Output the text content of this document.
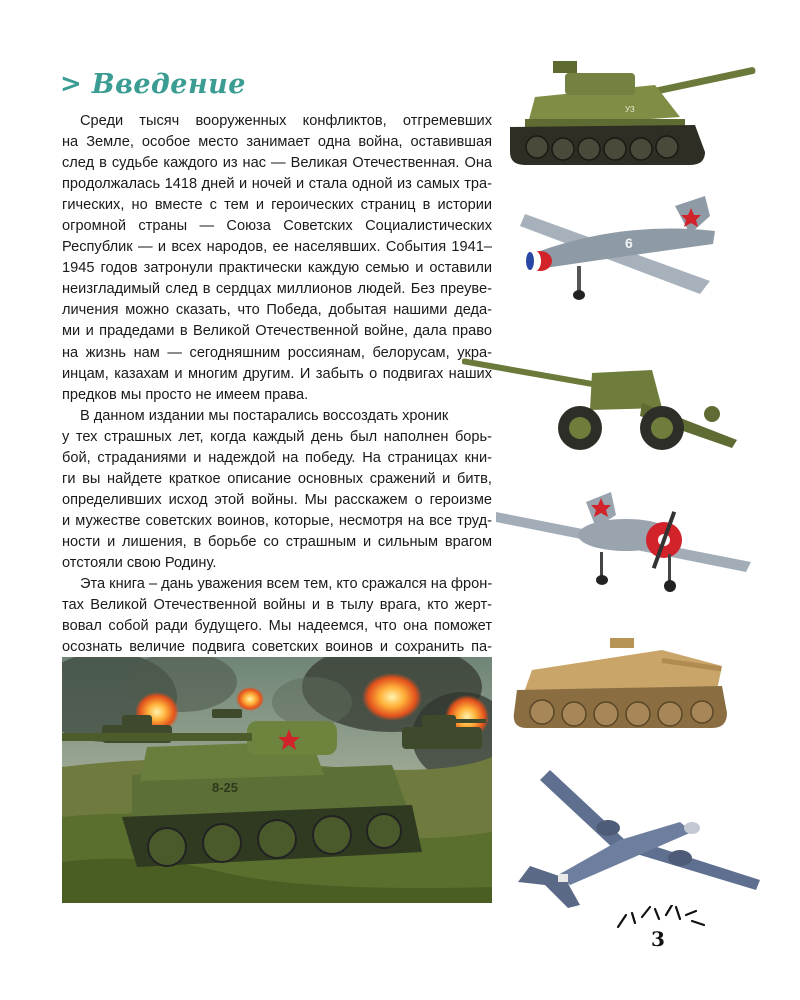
> Введение
Среди тысяч вооруженных конфликтов, отгремевших
на Земле, особое место занимает одна война, оставившая
след в судьбе каждого из нас — Великая Отечественная. Она
продолжалась 1418 дней и ночей и стала одной из самых тра-
гических, но вместе с тем и героических страниц в истории
огромной страны — Союза Советских Социалистических
Республик — и всех народов, ее населявших. События 1941–
1945 годов затронули практически каждую семью и оставили
неизгладимый след в сердцах миллионов людей. Без преуве-
личения можно сказать, что Победа, добытая нашими деда-
ми и прадедами в Великой Отечественной войне, дала право
на жизнь нам — сегодняшним россиянам, белорусам, укра-
инцам, казахам и многим другим. И забыть о подвигах наших
предков мы просто не имеем права.
В данном издании мы постарались воссоздать хроник
у тех страшных лет, когда каждый день был наполнен борь-
бой, страданиями и надеждой на победу. На страницах кни-
ги вы найдете краткое описание основных сражений и битв,
определивших исход этой войны. Мы расскажем о героизме
и мужестве советских воинов, которые, несмотря на все труд-
ности и лишения, в борьбе со страшным и сильным врагом
отстояли свою Родину.
Эта книга – дань уважения всем тем, кто сражался на фрон-
тах Великой Отечественной войны и в тылу врага, кто жерт-
вовал собой ради будущего. Мы надеемся, что она поможет
осознать величие подвига советских воинов и сохранить па-
8-25
УЗ
6
3
